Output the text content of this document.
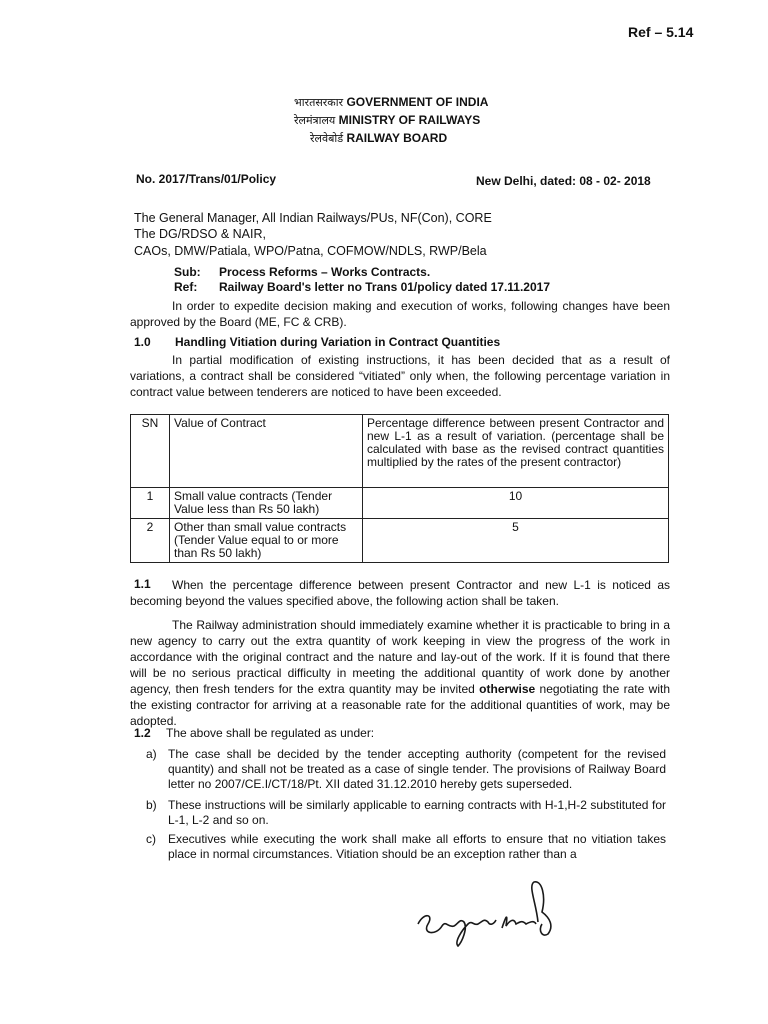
Ref – 5.14
भारतसरकार GOVERNMENT OF INDIA
रेलमंत्रालय MINISTRY OF RAILWAYS
रेलवेबोर्ड RAILWAY BOARD
No. 2017/Trans/01/Policy	New Delhi, dated: 08 - 02- 2018
The General Manager, All Indian Railways/PUs, NF(Con), CORE
The DG/RDSO & NAIR,
CAOs, DMW/Patiala, WPO/Patna, COFMOW/NDLS, RWP/Bela
Sub: Process Reforms – Works Contracts.
Ref: Railway Board's letter no Trans 01/policy dated 17.11.2017
In order to expedite decision making and execution of works, following changes have been approved by the Board (ME, FC & CRB).
1.0 Handling Vitiation during Variation in Contract Quantities
In partial modification of existing instructions, it has been decided that as a result of variations, a contract shall be considered “vitiated” only when, the following percentage variation in contract value between tenderers are noticed to have been exceeded.
SN	Value of Contract	Percentage difference between present Contractor and new L-1 as a result of variation. (percentage shall be calculated with base as the revised contract quantities multiplied by the rates of the present contractor)
1	Small value contracts (Tender Value less than Rs 50 lakh)	10
2	Other than small value contracts (Tender Value equal to or more than Rs 50 lakh)	5
1.1	When the percentage difference between present Contractor and new L-1 is noticed as becoming beyond the values specified above, the following action shall be taken.
The Railway administration should immediately examine whether it is practicable to bring in a new agency to carry out the extra quantity of work keeping in view the progress of the work in accordance with the original contract and the nature and lay-out of the work. If it is found that there will be no serious practical difficulty in meeting the additional quantity of work done by another agency, then fresh tenders for the extra quantity may be invited otherwise negotiating the rate with the existing contractor for arriving at a reasonable rate for the additional quantities of work, may be adopted.
1.2 The above shall be regulated as under:
a) The case shall be decided by the tender accepting authority (competent for the revised quantity) and shall not be treated as a case of single tender. The provisions of Railway Board letter no 2007/CE.I/CT/18/Pt. XII dated 31.12.2010 hereby gets superseded.
b) These instructions will be similarly applicable to earning contracts with H-1,H-2 substituted for L-1, L-2 and so on.
c) Executives while executing the work shall make all efforts to ensure that no vitiation takes place in normal circumstances. Vitiation should be an exception rather than a
